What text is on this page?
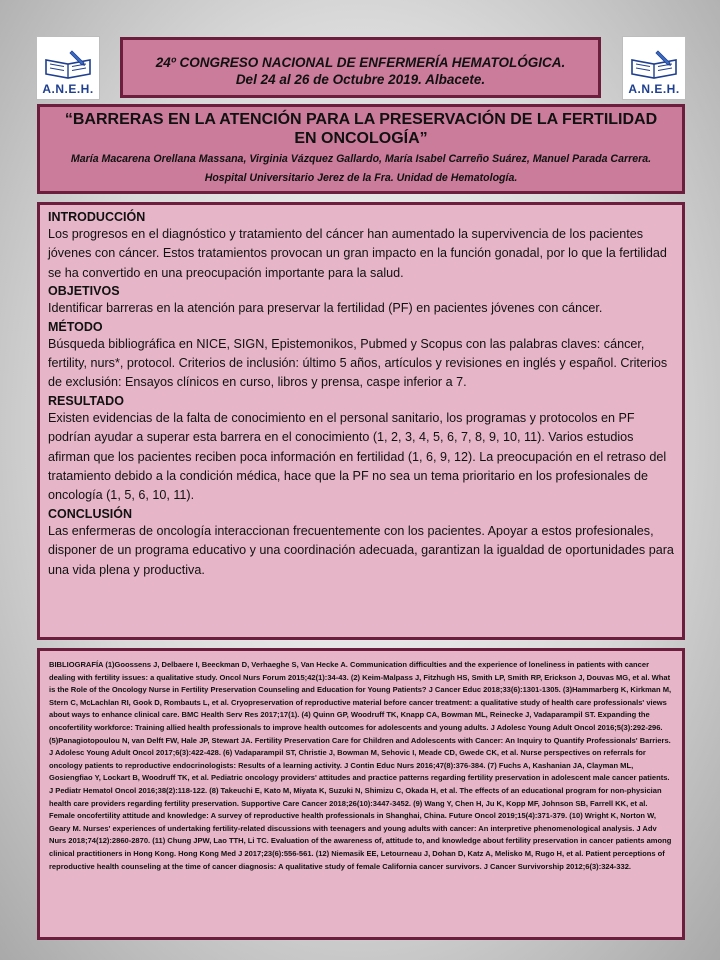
A.N.E.H.	A.N.E.H.
24º CONGRESO NACIONAL DE ENFERMERÍA HEMATOLÓGICA.
Del 24 al 26 de Octubre 2019. Albacete.
“BARRERAS EN LA ATENCIÓN PARA LA PRESERVACIÓN DE LA FERTILIDAD EN ONCOLOGÍA”
María Macarena Orellana Massana, Virginia Vázquez Gallardo, María Isabel Carreño Suárez, Manuel Parada Carrera.
Hospital Universitario Jerez de la Fra. Unidad de Hematología.
INTRODUCCIÓN

Los progresos en el diagnóstico y tratamiento del cáncer han aumentado la supervivencia de los pacientes jóvenes con cáncer. Estos tratamientos provocan un gran impacto en la función gonadal, por lo que la fertilidad se ha convertido en una preocupación importante para la salud.

OBJETIVOS

Identificar barreras en la atención para preservar la fertilidad (PF) en pacientes jóvenes con cáncer.

MÉTODO

Búsqueda bibliográfica en NICE, SIGN, Epistemonikos, Pubmed y Scopus con las palabras claves: cáncer, fertility, nurs*, protocol. Criterios de inclusión: último 5 años, artículos y revisiones en inglés y español. Criterios de exclusión: Ensayos clínicos en curso, libros y prensa, caspe inferior a 7.

RESULTADO

Existen evidencias de la falta de conocimiento en el personal sanitario, los programas y protocolos en PF podrían ayudar a superar esta barrera en el conocimiento (1, 2, 3, 4, 5, 6, 7, 8, 9, 10, 11). Varios estudios afirman que los pacientes reciben poca información en fertilidad (1, 6, 9, 12). La preocupación en el retraso del tratamiento debido a la condición médica, hace que la PF no sea un tema prioritario en los profesionales de oncología (1, 5, 6, 10, 11).

CONCLUSIÓN

Las enfermeras de oncología interaccionan frecuentemente con los pacientes. Apoyar a estos profesionales, disponer de un programa educativo y una coordinación adecuada, garantizan la igualdad de oportunidades para una vida plena y productiva.

BIBLIOGRAFÍA (1)Goossens J, Delbaere I, Beeckman D, Verhaeghe S, Van Hecke A. Communication difficulties and the experience of loneliness in patients with cancer dealing with fertility issues: a qualitative study. Oncol Nurs Forum 2015;42(1):34-43. (2) Keim-Malpass J, Fitzhugh HS, Smith LP, Smith RP, Erickson J, Douvas MG, et al. What is the Role of the Oncology Nurse in Fertility Preservation Counseling and Education for Young Patients? J Cancer Educ 2018;33(6):1301-1305. (3)Hammarberg K, Kirkman M, Stern C, McLachlan RI, Gook D, Rombauts L, et al. Cryopreservation of reproductive material before cancer treatment: a qualitative study of health care professionals' views about ways to enhance clinical care. BMC Health Serv Res 2017;17(1). (4) Quinn GP, Woodruff TK, Knapp CA, Bowman ML, Reinecke J, Vadaparampil ST. Expanding the oncofertility workforce: Training allied health professionals to improve health outcomes for adolescents and young adults. J Adolesc Young Adult Oncol 2016;5(3):292-296. (5)Panagiotopoulou N, van Delft FW, Hale JP, Stewart JA. Fertility Preservation Care for Children and Adolescents with Cancer: An Inquiry to Quantify Professionals' Barriers. J Adolesc Young Adult Oncol 2017;6(3):422-428. (6) Vadaparampil ST, Christie J, Bowman M, Sehovic I, Meade CD, Gwede CK, et al. Nurse perspectives on referrals for oncology patients to reproductive endocrinologists: Results of a learning activity. J Contin Educ Nurs 2016;47(8):376-384. (7) Fuchs A, Kashanian JA, Clayman ML, Gosiengfiao Y, Lockart B, Woodruff TK, et al. Pediatric oncology providers' attitudes and practice patterns regarding fertility preservation in adolescent male cancer patients. J Pediatr Hematol Oncol 2016;38(2):118-122. (8) Takeuchi E, Kato M, Miyata K, Suzuki N, Shimizu C, Okada H, et al. The effects of an educational program for non-physician health care providers regarding fertility preservation. Supportive Care Cancer 2018;26(10):3447-3452. (9) Wang Y, Chen H, Ju K, Kopp MF, Johnson SB, Farrell KK, et al. Female oncofertility attitude and knowledge: A survey of reproductive health professionals in Shanghai, China. Future Oncol 2019;15(4):371-379. (10) Wright K, Norton W, Geary M. Nurses' experiences of undertaking fertility-related discussions with teenagers and young adults with cancer: An interpretive phenomenological analysis. J Adv Nurs 2018;74(12):2860-2870. (11) Chung JPW, Lao TTH, Li TC. Evaluation of the awareness of, attitude to, and knowledge about fertility preservation in cancer patients among clinical practitioners in Hong Kong. Hong Kong Med J 2017;23(6):556-561. (12) Niemasik EE, Letourneau J, Dohan D, Katz A, Melisko M, Rugo H, et al. Patient perceptions of reproductive health counseling at the time of cancer diagnosis: A qualitative study of female California cancer survivors. J Cancer Survivorship 2012;6(3):324-332.
